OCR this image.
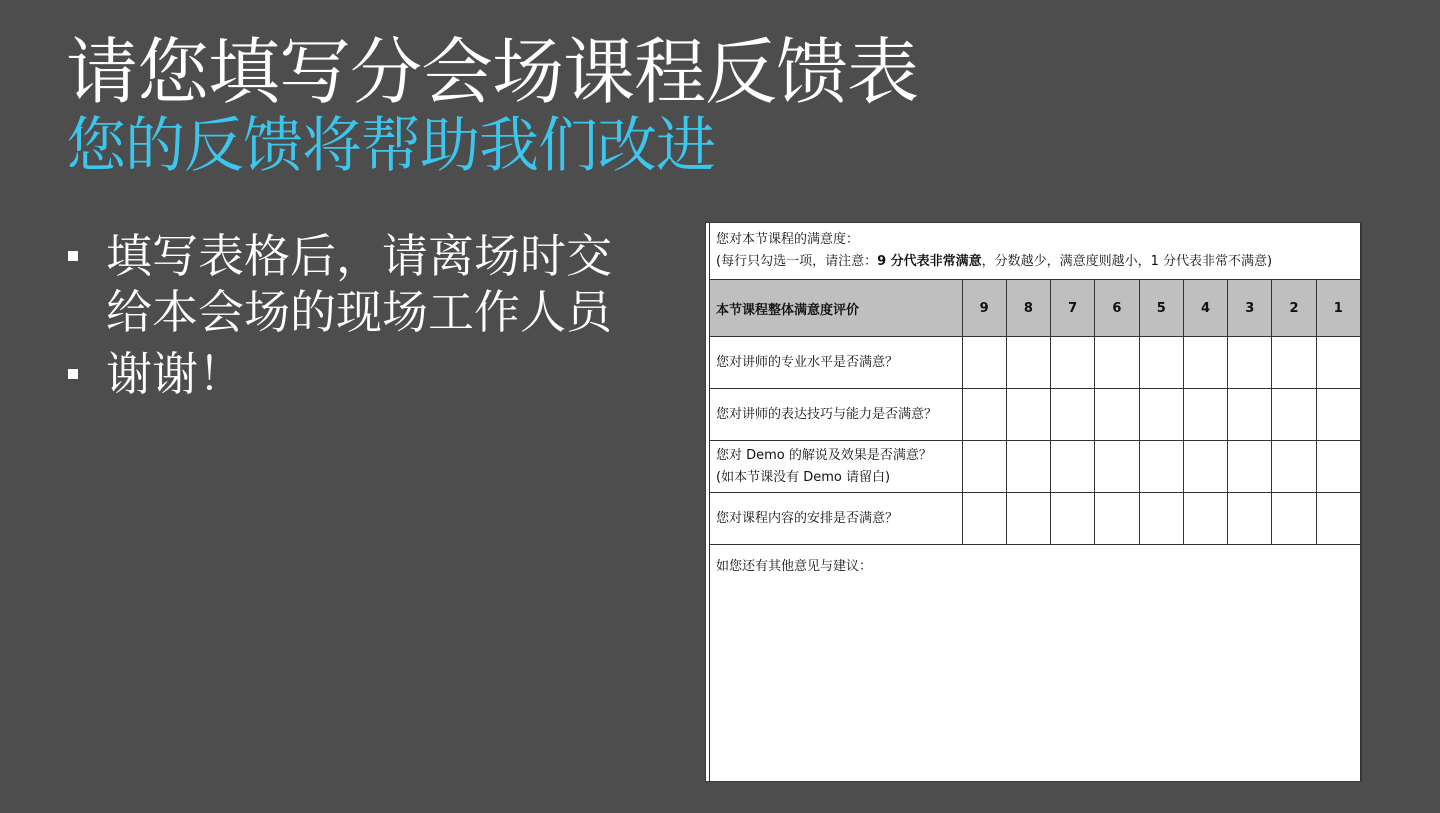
请您填写分会场课程反馈表
您的反馈将帮助我们改进
填写表格后，请离场时交给本会场的现场工作人员
谢谢！
您对本节课程的满意度：
(每行只勾选一项，请注意：9 分代表非常满意，分数越少，满意度则越小，1 分代表非常不满意)									

本节课程整体满意度评价	9	8	7	6	5	4	3	2	1

您对讲师的专业水平是否满意？									

您对讲师的表达技巧与能力是否满意？									

您对 Demo 的解说及效果是否满意？
(如本节课没有 Demo 请留白)									

您对课程内容的安排是否满意？									

如您还有其他意见与建议：									
